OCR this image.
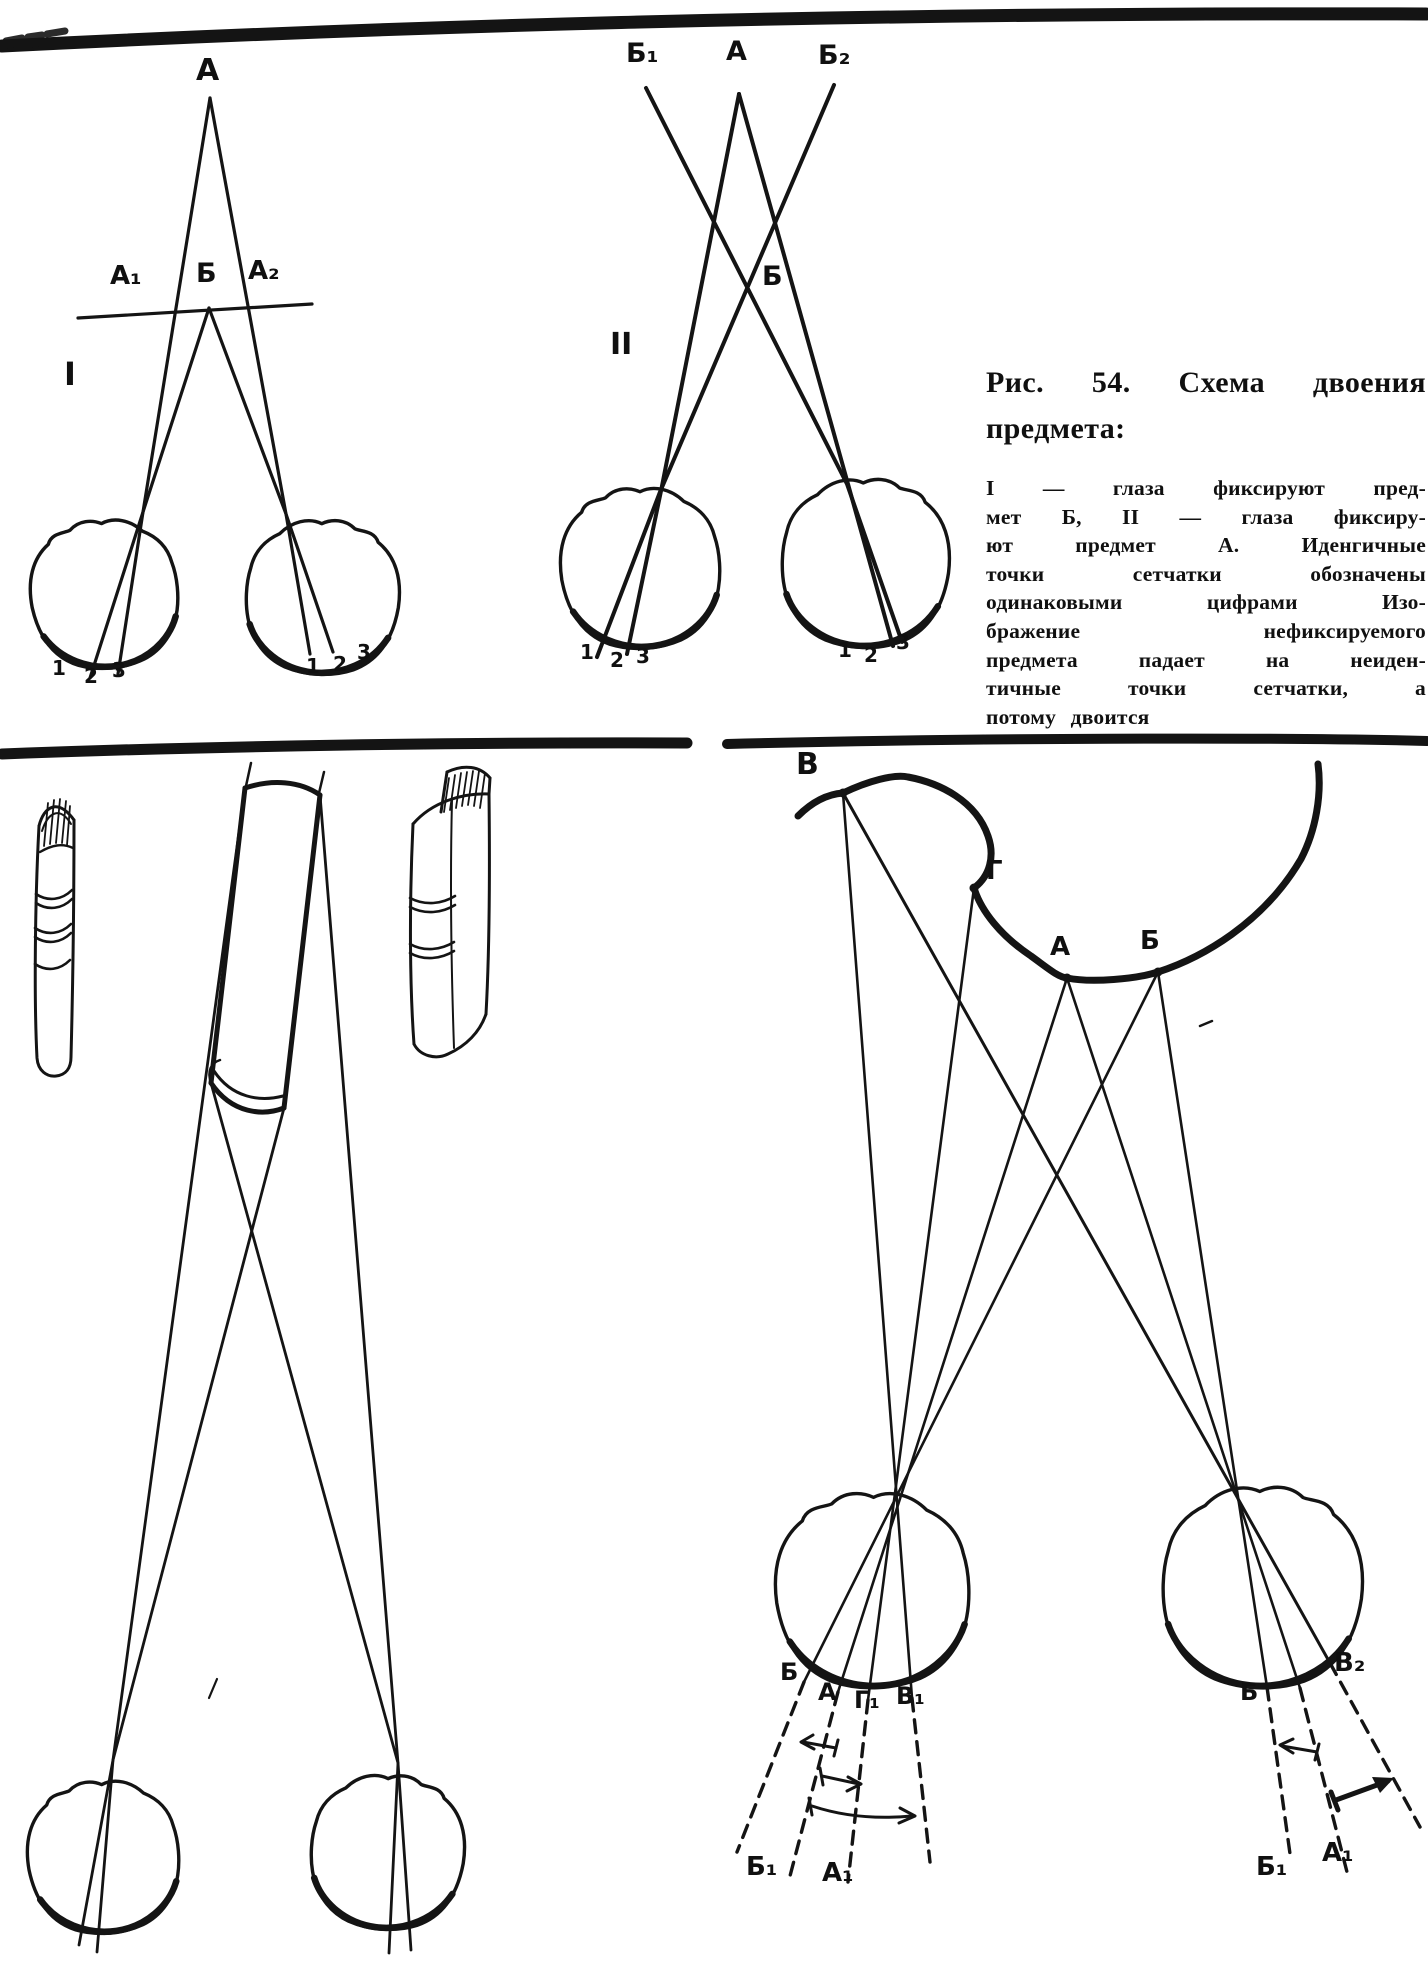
А
А₁ Б А₂
I
1 2 3	1 2 3
Б₁	А	Б₂
Б
II
1 2 3	1 2
3
В
Г
А	Б
Б
А Г₁ В₁
Б₁ А₁
Б
В₂
Б₁ А₁
Рис. 54. Схема двоения
предмета:
I — глаза фиксируют пред-
мет Б, II — глаза фиксиру-
ют предмет А. Иденгичные
точки сетчатки обозначены
одинаковыми цифрами Изо-
бражение нефиксируемого
предмета падает на неиден-
тичные точки сетчатки, а
потому двоится
